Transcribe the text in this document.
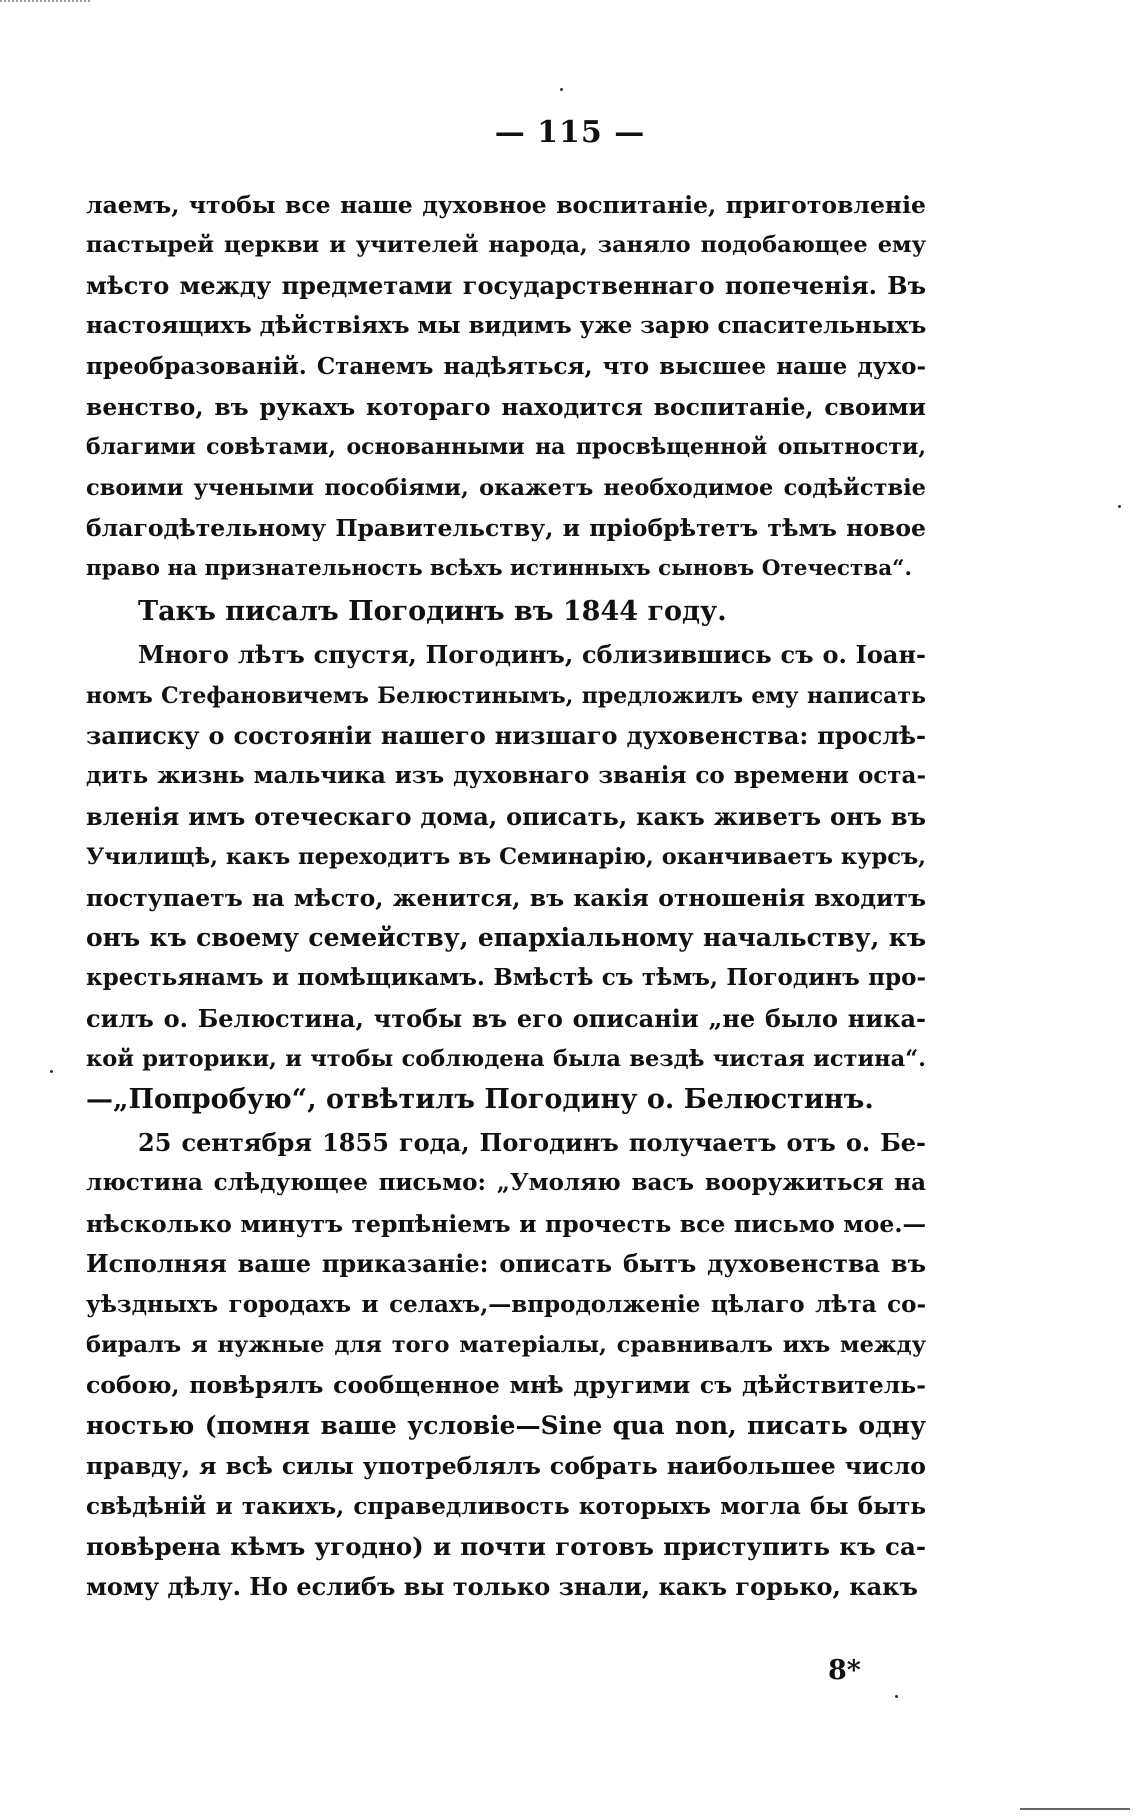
— 115 —
лаемъ, чтобы все наше духовное воспитаніе, приготовленіе
пастырей церкви и учителей народа, заняло подобающее ему
мѣсто между предметами государственнаго попеченія. Въ
настоящихъ дѣйствіяхъ мы видимъ уже зарю спасительныхъ
преобразованій. Станемъ надѣяться, что высшее наше духо-
венство, въ рукахъ котораго находится воспитаніе, своими
благими совѣтами, основанными на просвѣщенной опытности,
своими учеными пособіями, окажетъ необходимое содѣйствіе
благодѣтельному Правительству, и пріобрѣтетъ тѣмъ новое
право на признательность всѣхъ истинныхъ сыновъ Отечества“.
Такъ писалъ Погодинъ въ 1844 году.
Много лѣтъ спустя, Погодинъ, сблизившись съ о. Іоан-
номъ Стефановичемъ Белюстинымъ, предложилъ ему написать
записку о состояніи нашего низшаго духовенства: прослѣ-
дить жизнь мальчика изъ духовнаго званія со времени оста-
вленія имъ отеческаго дома, описать, какъ живетъ онъ въ
Училищѣ, какъ переходитъ въ Семинарію, оканчиваетъ курсъ,
поступаетъ на мѣсто, женится, въ какія отношенія входитъ
онъ къ своему семейству, епархіальному начальству, къ
крестьянамъ и помѣщикамъ. Вмѣстѣ съ тѣмъ, Погодинъ про-
силъ о. Белюстина, чтобы въ его описаніи „не было ника-
кой риторики, и чтобы соблюдена была вездѣ чистая истина“.
—„Попробую“, отвѣтилъ Погодину о. Белюстинъ.
25 сентября 1855 года, Погодинъ получаетъ отъ о. Бе-
люстина слѣдующее письмо: „Умоляю васъ вооружиться на
нѣсколько минутъ терпѣніемъ и прочесть все письмо мое.—
Исполняя ваше приказаніе: описать бытъ духовенства въ
уѣздныхъ городахъ и селахъ,—впродолженіе цѣлаго лѣта со-
биралъ я нужные для того матеріалы, сравнивалъ ихъ между
собою, повѣрялъ сообщенное мнѣ другими съ дѣйствитель-
ностью (помня ваше условіе—Sine qua non, писать одну
правду, я всѣ силы употреблялъ собрать наибольшее число
свѣдѣній и такихъ, справедливость которыхъ могла бы быть
повѣрена кѣмъ угодно) и почти готовъ приступить къ са-
мому дѣлу. Но еслибъ вы только знали, какъ горько, какъ
8*
